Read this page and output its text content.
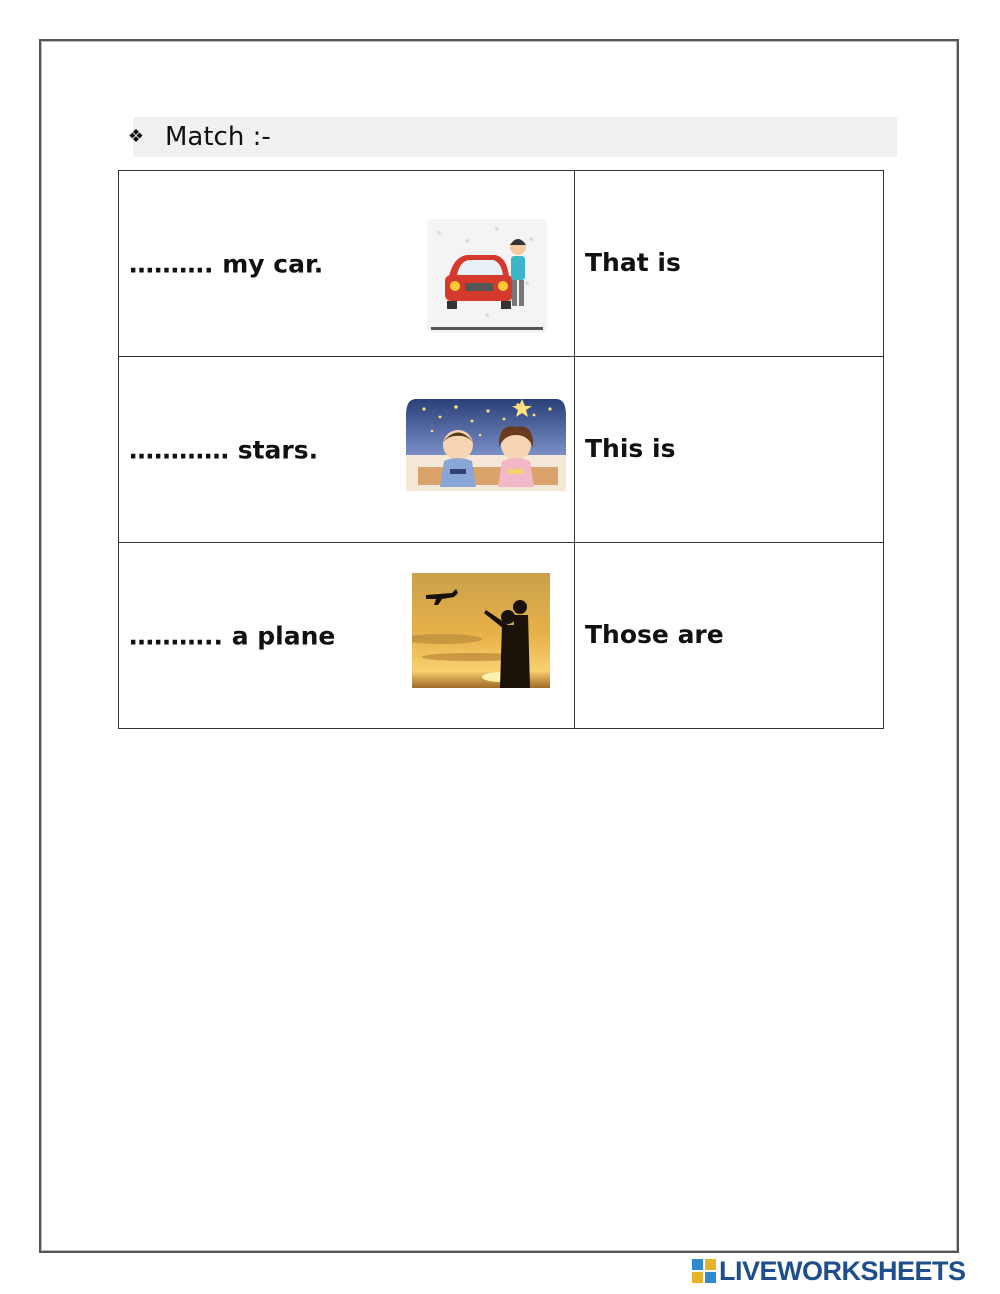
❖ Match :-
………. my car.	That is

………… stars.	This is

……….. a plane	Those are
LIVEWORKSHEETS
